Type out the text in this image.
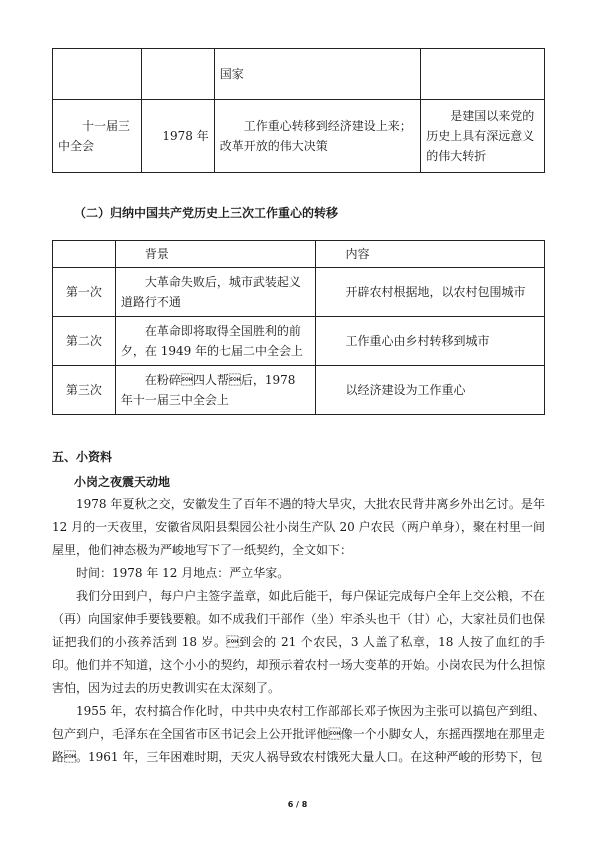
		国家	
十一届三中全会	1978 年	工作重心转移到经济建设上来；改革开放的伟大决策	是建国以来党的历史上具有深远意义的伟大转折
（二）归纳中国共产党历史上三次工作重心的转移
	背景	内容
第一次	大革命失败后，城市武装起义道路行不通	开辟农村根据地，以农村包围城市
第二次	在革命即将取得全国胜利的前夕，在 1949 年的七届二中全会上	工作重心由乡村转移到城市
第三次	在粉碎四人帮后，1978 年十一届三中全会上	以经济建设为工作重心
五、小资料
小岗之夜震天动地

1978 年夏秋之交，安徽发生了百年不遇的特大旱灾，大批农民背井离乡外出乞讨。是年 12 月的一天夜里，安徽省凤阳县梨园公社小岗生产队 20 户农民（两户单身），聚在村里一间屋里，他们神态极为严峻地写下了一纸契约，全文如下：

时间：1978 年 12 月地点：严立华家。

我们分田到户，每户户主签字盖章，如此后能干，每户保证完成每户全年上交公粮，不在（再）向国家伸手要钱要粮。如不成我们干部作（坐）牢杀头也干（甘）心，大家社员们也保证把我们的小孩养活到 18 岁。到会的 21 个农民，3 人盖了私章，18 人按了血红的手印。他们并不知道，这个小小的契约，却预示着农村一场大变革的开始。小岗农民为什么担惊害怕，因为过去的历史教训实在太深刻了。

1955 年，农村搞合作化时，中共中央农村工作部部长邓子恢因为主张可以搞包产到组、包产到户，毛泽东在全国省市区书记会上公开批评他像一个小脚女人，东摇西摆地在那里走路。1961 年，三年困难时期，天灾人祸导致农村饿死大量人口。在这种严峻的形势下，包

6 / 8
